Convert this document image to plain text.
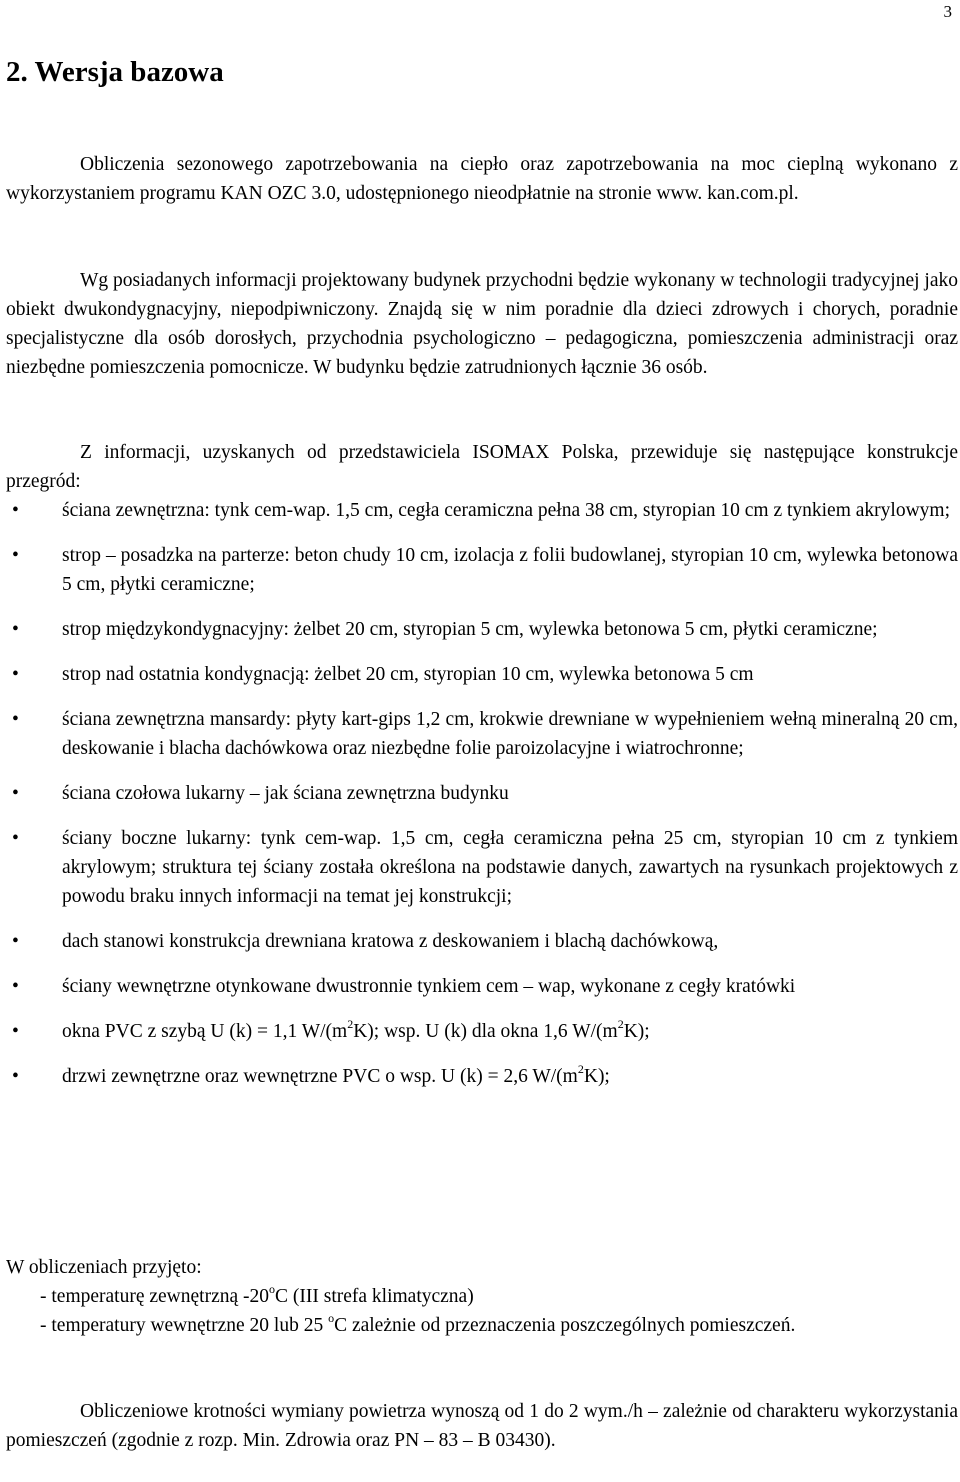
3
2. Wersja bazowa

Obliczenia sezonowego zapotrzebowania na ciepło oraz zapotrzebowania na moc cieplną wykonano z wykorzystaniem programu KAN OZC 3.0, udostępnionego nieodpłatnie na stronie www. kan.com.pl.

Wg posiadanych informacji projektowany budynek przychodni będzie wykonany w technologii tradycyjnej jako obiekt dwukondygnacyjny, niepodpiwniczony. Znajdą się w nim poradnie dla dzieci zdrowych i chorych, poradnie specjalistyczne dla osób dorosłych, przychodnia psychologiczno – pedagogiczna, pomieszczenia administracji oraz niezbędne pomieszczenia pomocnicze. W budynku będzie zatrudnionych łącznie 36 osób.

Z informacji, uzyskanych od przedstawiciela ISOMAX Polska, przewiduje się następujące konstrukcje przegród:

• ściana zewnętrzna: tynk cem-wap. 1,5 cm, cegła ceramiczna pełna 38 cm, styropian 10 cm z tynkiem akrylowym;
• strop – posadzka na parterze: beton chudy 10 cm, izolacja z folii budowlanej, styropian 10 cm, wylewka betonowa 5 cm, płytki ceramiczne;
• strop międzykondygnacyjny: żelbet 20 cm, styropian 5 cm, wylewka betonowa 5 cm, płytki ceramiczne;
• strop nad ostatnia kondygnacją: żelbet 20 cm, styropian 10 cm, wylewka betonowa 5 cm
• ściana zewnętrzna mansardy: płyty kart-gips 1,2 cm, krokwie drewniane w wypełnieniem wełną mineralną 20 cm, deskowanie i blacha dachówkowa oraz niezbędne folie paroizolacyjne i wiatrochronne;
• ściana czołowa lukarny – jak ściana zewnętrzna budynku
• ściany boczne lukarny: tynk cem-wap. 1,5 cm, cegła ceramiczna pełna 25 cm, styropian 10 cm z tynkiem akrylowym; struktura tej ściany została określona na podstawie danych, zawartych na rysunkach projektowych z powodu braku innych informacji na temat jej konstrukcji;
• dach stanowi konstrukcja drewniana kratowa z deskowaniem i blachą dachówkową,
• ściany wewnętrzne otynkowane dwustronnie tynkiem cem – wap, wykonane z cegły kratówki
• okna PVC z szybą U (k) = 1,1 $W/(m^2K)$; wsp. U (k) dla okna 1,6 $W/(m^2K)$;
• drzwi zewnętrzne oraz wewnętrzne PVC o wsp. U (k) = 2,6 $W/(m^2K)$;

W obliczeniach przyjęto:

- temperaturę zewnętrzną -20$^o$C (III strefa klimatyczna)

- temperatury wewnętrzne 20 lub 25 $^o$C zależnie od przeznaczenia poszczególnych pomieszczeń.

Obliczeniowe krotności wymiany powietrza wynoszą od 1 do 2 wym./h – zależnie od charakteru wykorzystania pomieszczeń (zgodnie z rozp. Min. Zdrowia oraz PN – 83 – B 03430).
